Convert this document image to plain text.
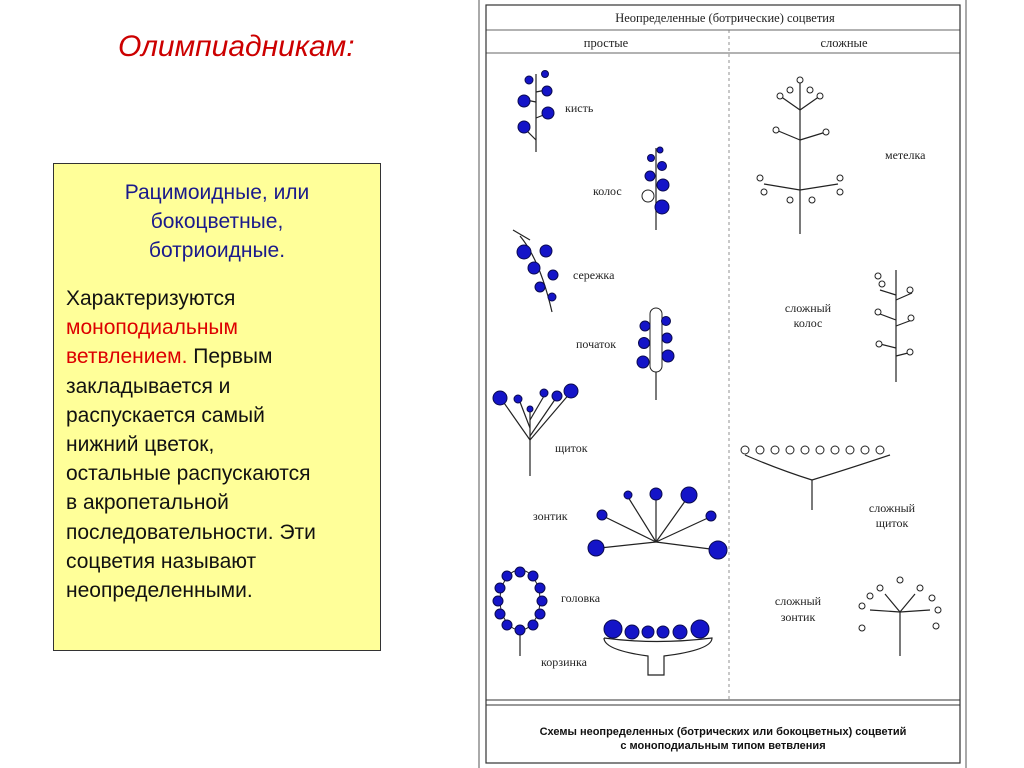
Олимпиадникам:
Рацимоидные, или
бокоцветные,
ботриоидные.
Характеризуются
моноподиальным
ветвлением. Первым
закладывается и
распускается самый
нижний цветок,
остальные распускаются
в акропетальной
последовательности. Эти
соцветия называют
неопределенными.
Неопределенные (ботрические) соцветия
простые	сложные
кисть
колос
сережка
початок
щиток
зонтик
головка
корзинка
метелка
сложный
колос
сложный
щиток
сложный
зонтик
Схемы неопределенных (ботрических или бокоцветных) соцветий
с моноподиальным типом ветвления
